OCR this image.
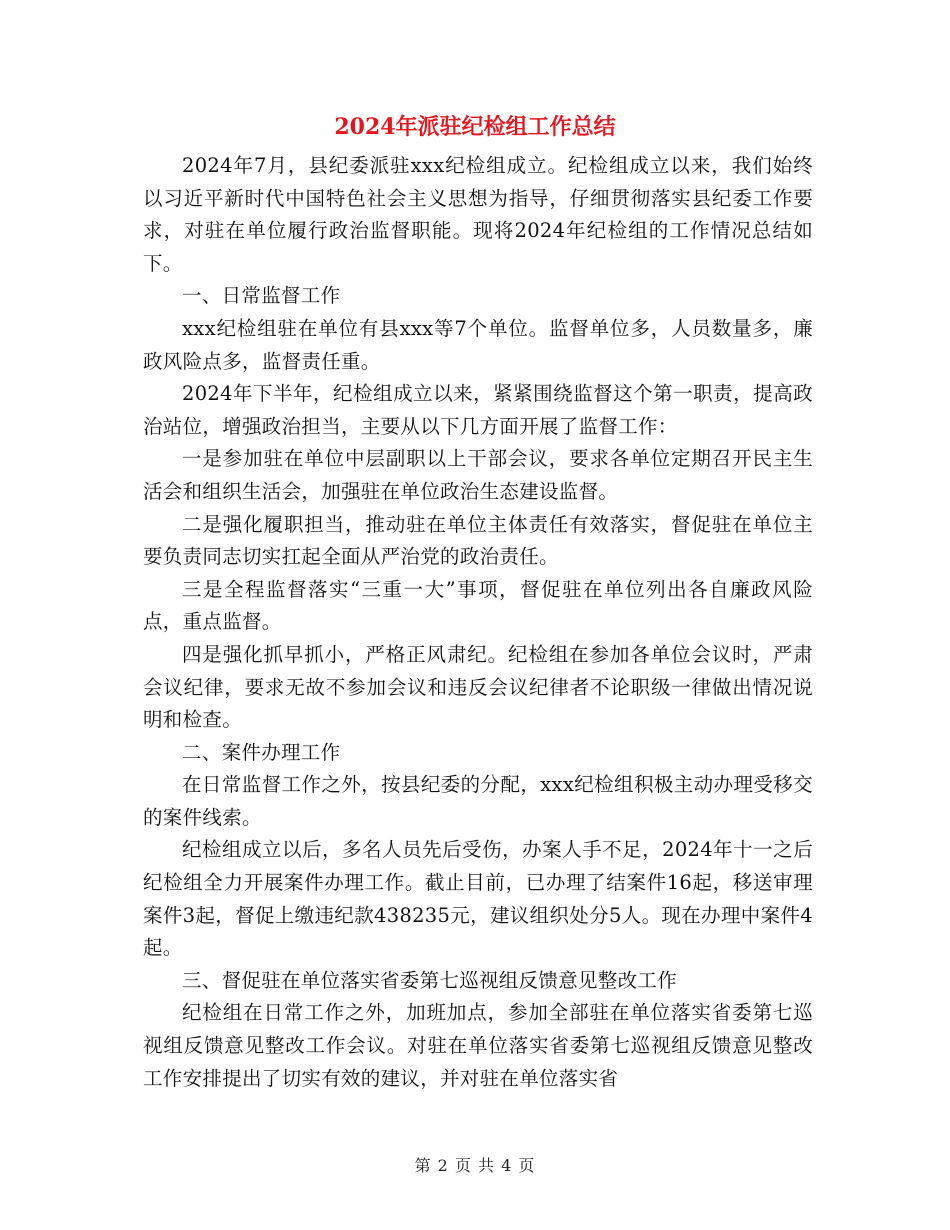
2024年派驻纪检组工作总结

2024年7月，县纪委派驻xxx纪检组成立。纪检组成立以来，我们始终以习近平新时代中国特色社会主义思想为指导，仔细贯彻落实县纪委工作要求，对驻在单位履行政治监督职能。现将2024年纪检组的工作情况总结如下。

一、日常监督工作

xxx纪检组驻在单位有县xxx等7个单位。监督单位多，人员数量多，廉政风险点多，监督责任重。

2024年下半年，纪检组成立以来，紧紧围绕监督这个第一职责，提高政治站位，增强政治担当，主要从以下几方面开展了监督工作：

一是参加驻在单位中层副职以上干部会议，要求各单位定期召开民主生活会和组织生活会，加强驻在单位政治生态建设监督。

二是强化履职担当，推动驻在单位主体责任有效落实，督促驻在单位主要负责同志切实扛起全面从严治党的政治责任。

三是全程监督落实“三重一大”事项，督促驻在单位列出各自廉政风险点，重点监督。

四是强化抓早抓小，严格正风肃纪。纪检组在参加各单位会议时，严肃会议纪律，要求无故不参加会议和违反会议纪律者不论职级一律做出情况说明和检查。

二、案件办理工作

在日常监督工作之外，按县纪委的分配，xxx纪检组积极主动办理受移交的案件线索。

纪检组成立以后，多名人员先后受伤，办案人手不足，2024年十一之后纪检组全力开展案件办理工作。截止目前，已办理了结案件16起，移送审理案件3起，督促上缴违纪款438235元，建议组织处分5人。现在办理中案件4起。

三、督促驻在单位落实省委第七巡视组反馈意见整改工作

纪检组在日常工作之外，加班加点，参加全部驻在单位落实省委第七巡视组反馈意见整改工作会议。对驻在单位落实省委第七巡视组反馈意见整改工作安排提出了切实有效的建议，并对驻在单位落实省

第 2 页 共 4 页
